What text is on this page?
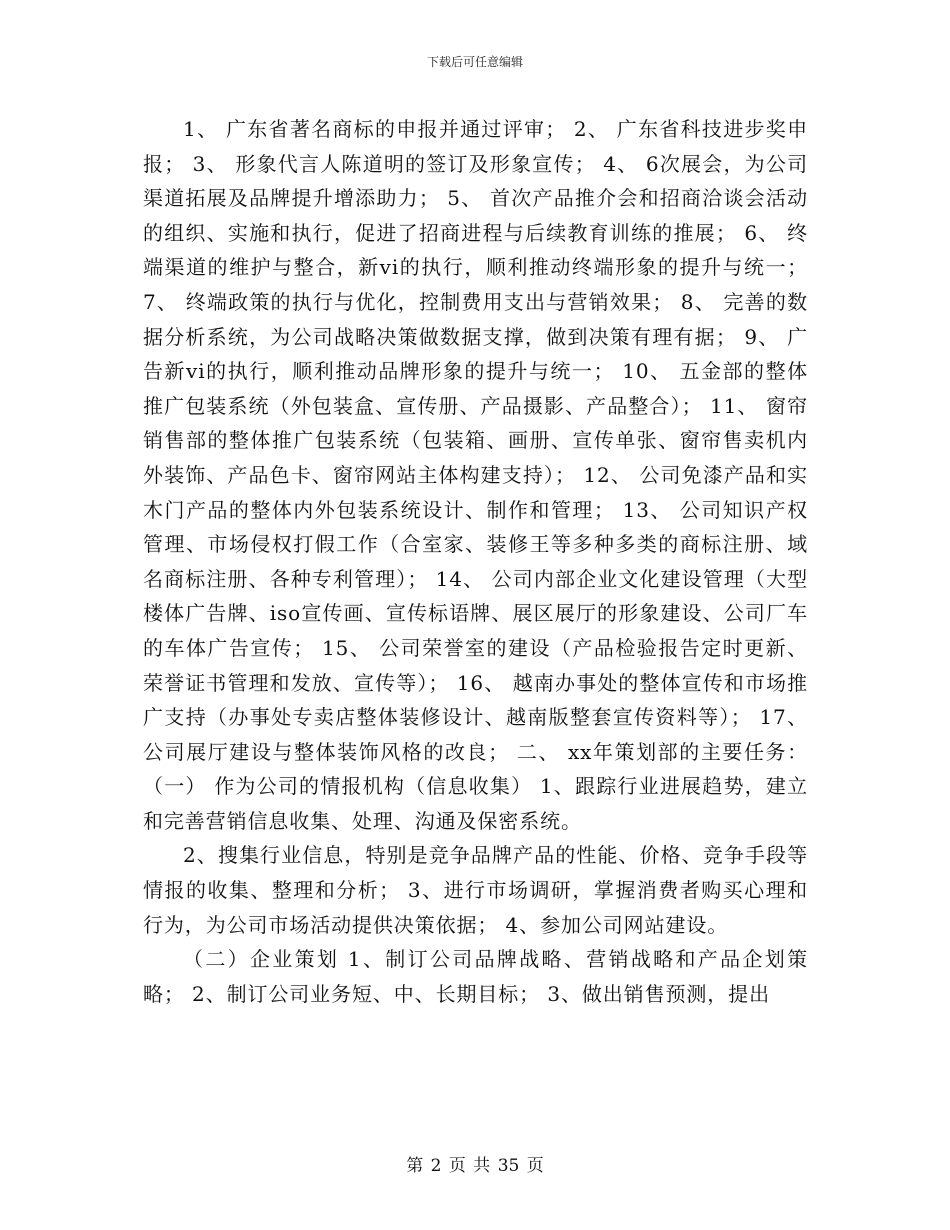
下载后可任意编辑

1、 广东省著名商标的申报并通过评审； 2、 广东省科技进步奖申报； 3、 形象代言人陈道明的签订及形象宣传； 4、 6次展会，为公司渠道拓展及品牌提升增添助力； 5、 首次产品推介会和招商洽谈会活动的组织、实施和执行，促进了招商进程与后续教育训练的推展； 6、 终端渠道的维护与整合，新vi的执行，顺利推动终端形象的提升与统一； 7、 终端政策的执行与优化，控制费用支出与营销效果； 8、 完善的数据分析系统，为公司战略决策做数据支撑，做到决策有理有据； 9、 广告新vi的执行，顺利推动品牌形象的提升与统一； 10、 五金部的整体推广包装系统（外包装盒、宣传册、产品摄影、产品整合）； 11、 窗帘销售部的整体推广包装系统（包装箱、画册、宣传单张、窗帘售卖机内外装饰、产品色卡、窗帘网站主体构建支持）； 12、 公司免漆产品和实木门产品的整体内外包装系统设计、制作和管理； 13、 公司知识产权管理、市场侵权打假工作（合室家、装修王等多种多类的商标注册、域名商标注册、各种专利管理）； 14、 公司内部企业文化建设管理（大型楼体广告牌、iso宣传画、宣传标语牌、展区展厅的形象建设、公司厂车的车体广告宣传； 15、 公司荣誉室的建设（产品检验报告定时更新、荣誉证书管理和发放、宣传等）； 16、 越南办事处的整体宣传和市场推广支持（办事处专卖店整体装修设计、越南版整套宣传资料等）； 17、 公司展厅建设与整体装饰风格的改良； 二、 xx年策划部的主要任务：（一） 作为公司的情报机构（信息收集） 1、跟踪行业进展趋势，建立和完善营销信息收集、处理、沟通及保密系统。

2、搜集行业信息，特别是竞争品牌产品的性能、价格、竞争手段等情报的收集、整理和分析； 3、进行市场调研，掌握消费者购买心理和行为，为公司市场活动提供决策依据； 4、参加公司网站建设。

（二）企业策划 1、制订公司品牌战略、营销战略和产品企划策略； 2、制订公司业务短、中、长期目标； 3、做出销售预测，提出

第 2 页 共 35 页
